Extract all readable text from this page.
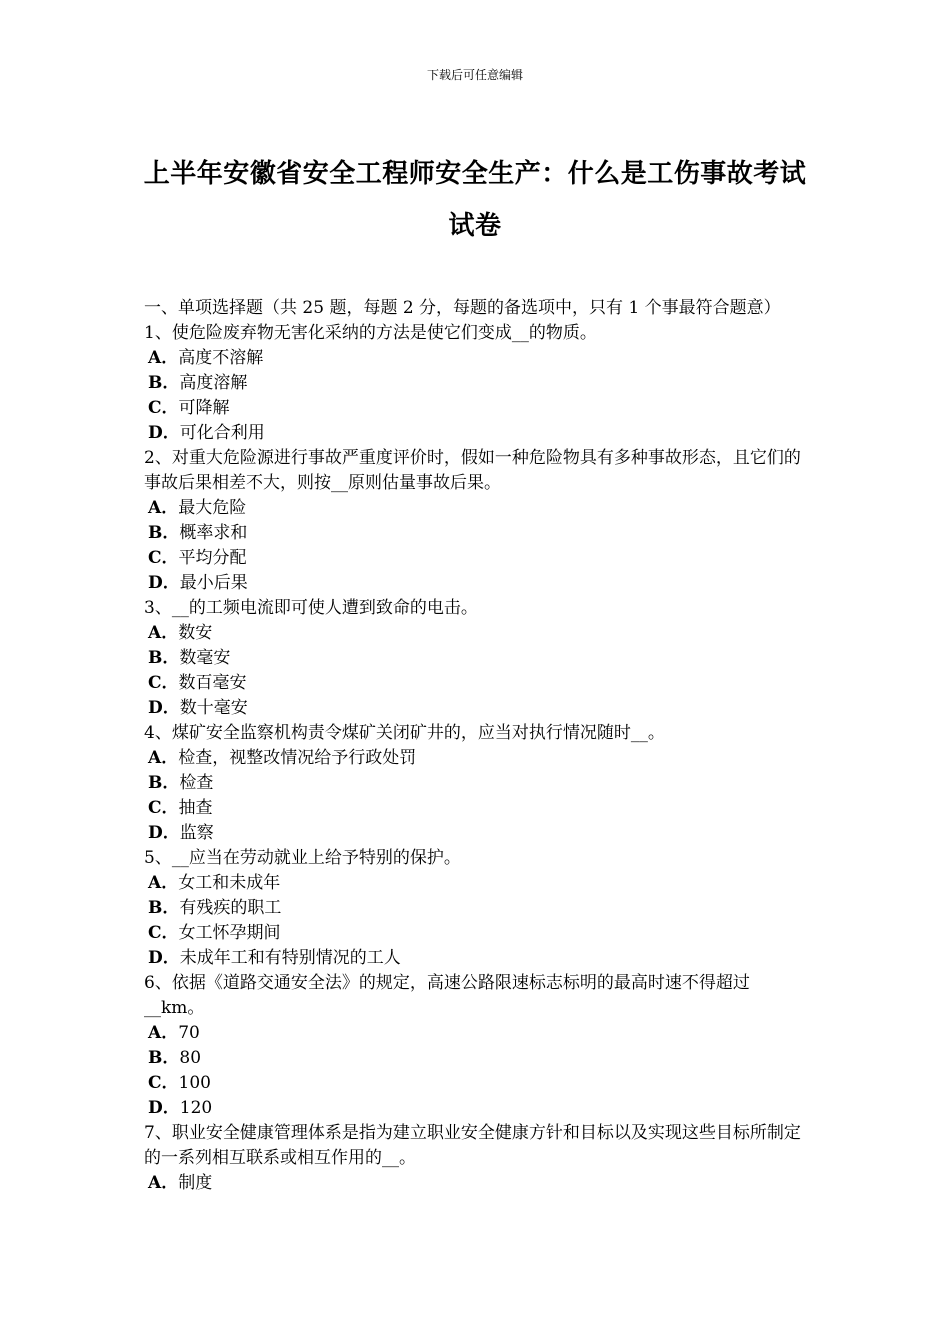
下载后可任意编辑
上半年安徽省安全工程师安全生产：什么是工伤事故考试试卷

一、单项选择题（共 25 题，每题 2 分，每题的备选项中，只有 1 个事最符合题意）

1、使危险废弃物无害化采纳的方法是使它们变成__的物质。

A．高度不溶解

B．高度溶解

C．可降解

D．可化合利用

2、对重大危险源进行事故严重度评价时，假如一种危险物具有多种事故形态，且它们的事故后果相差不大，则按__原则估量事故后果。

A．最大危险

B．概率求和

C．平均分配

D．最小后果

3、__的工频电流即可使人遭到致命的电击。

A．数安

B．数毫安

C．数百毫安

D．数十毫安

4、煤矿安全监察机构责令煤矿关闭矿井的，应当对执行情况随时__。

A．检查，视整改情况给予行政处罚

B．检查

C．抽查

D．监察

5、__应当在劳动就业上给予特别的保护。

A．女工和未成年

B．有残疾的职工

C．女工怀孕期间

D．未成年工和有特别情况的工人

6、依据《道路交通安全法》的规定，高速公路限速标志标明的最高时速不得超过__km。

A．70

B．80

C．100

D．120

7、职业安全健康管理体系是指为建立职业安全健康方针和目标以及实现这些目标所制定的一系列相互联系或相互作用的__。

A．制度
